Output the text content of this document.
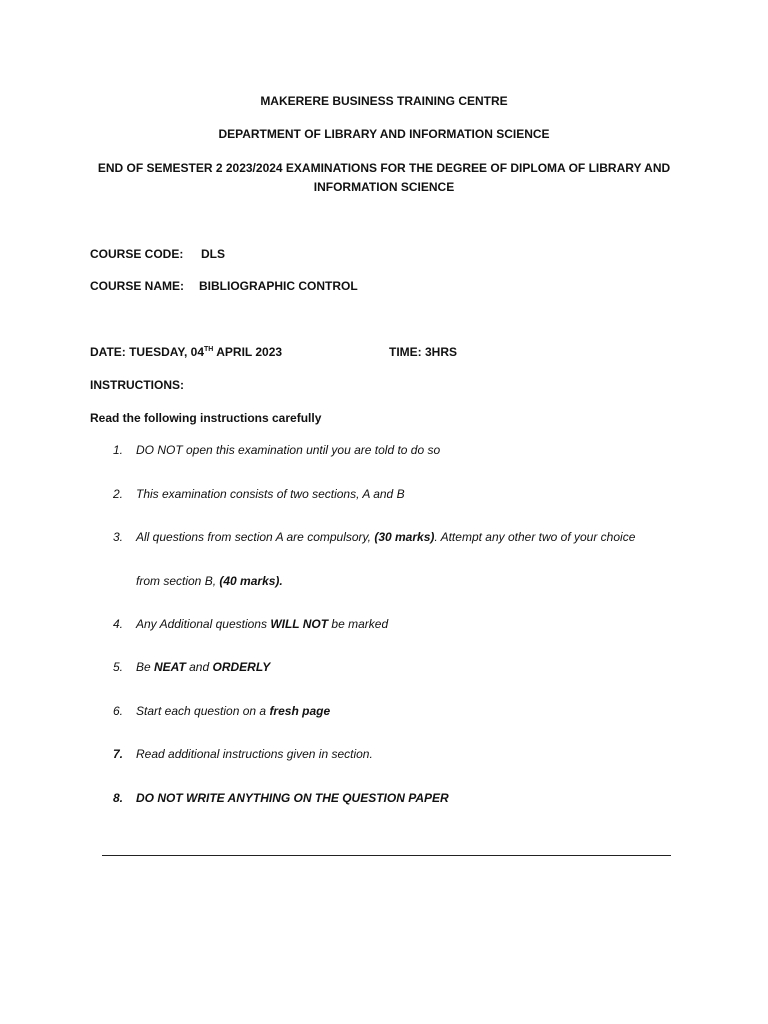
MAKERERE BUSINESS TRAINING CENTRE
DEPARTMENT OF LIBRARY AND INFORMATION SCIENCE
END OF SEMESTER 2 2023/2024 EXAMINATIONS FOR THE DEGREE OF DIPLOMA OF LIBRARY AND
INFORMATION SCIENCE
COURSE CODE: DLS
COURSE NAME: BIBLIOGRAPHIC CONTROL
DATE: TUESDAY, 04TH APRIL 2023	TIME: 3HRS
INSTRUCTIONS:
Read the following instructions carefully
1. DO NOT open this examination until you are told to do so
2. This examination consists of two sections, A and B
3. All questions from section A are compulsory, (30 marks). Attempt any other two of your choice
from section B, (40 marks).
4. Any Additional questions WILL NOT be marked
5. Be NEAT and ORDERLY
6. Start each question on a fresh page
7. Read additional instructions given in section.
8. DO NOT WRITE ANYTHING ON THE QUESTION PAPER
